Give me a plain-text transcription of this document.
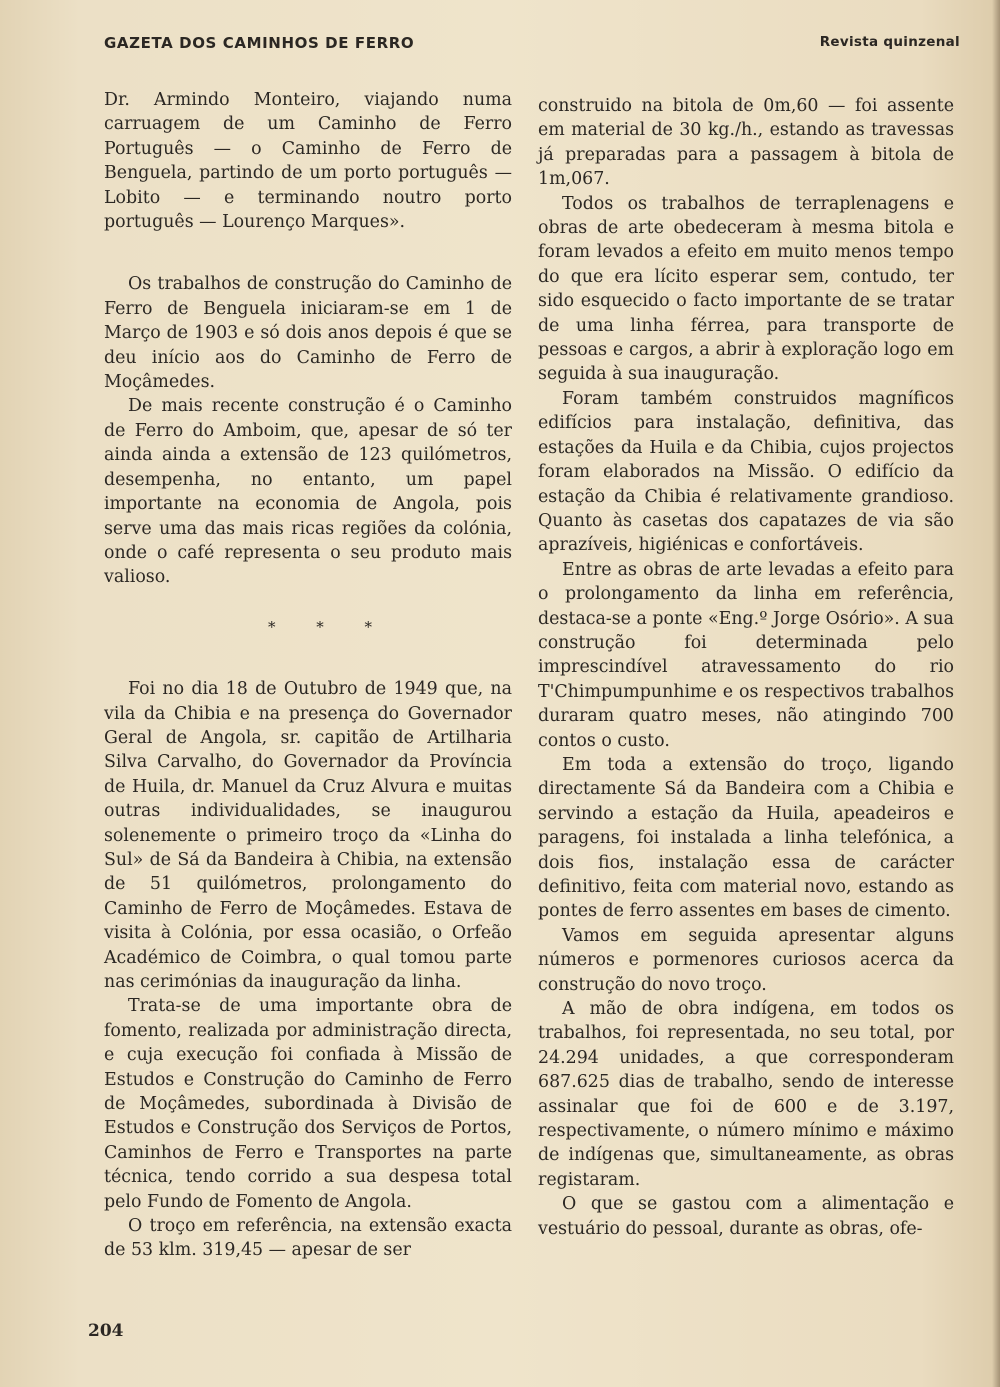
GAZETA DOS CAMINHOS DE FERRO	Revista quinzenal

Dr. Armindo Monteiro, viajando numa carruagem de um Caminho de Ferro Português — o Caminho de Ferro de Benguela, partindo de um porto português — Lobito — e terminando noutro porto português — Lourenço Marques».

Os trabalhos de construção do Caminho de Ferro de Benguela iniciaram-se em 1 de Março de 1903 e só dois anos depois é que se deu início aos do Caminho de Ferro de Moçâmedes.

De mais recente construção é o Caminho de Ferro do Amboim, que, apesar de só ter ainda ainda a extensão de 123 quilómetros, desempenha, no entanto, um papel importante na economia de Angola, pois serve uma das mais ricas regiões da colónia, onde o café representa o seu produto mais valioso.

* * *

Foi no dia 18 de Outubro de 1949 que, na vila da Chibia e na presença do Governador Geral de Angola, sr. capitão de Artilharia Silva Carvalho, do Governador da Província de Huila, dr. Manuel da Cruz Alvura e muitas outras individualidades, se inaugurou solenemente o primeiro troço da «Linha do Sul» de Sá da Bandeira à Chibia, na extensão de 51 quilómetros, prolongamento do Caminho de Ferro de Moçâmedes. Estava de visita à Colónia, por essa ocasião, o Orfeão Académico de Coimbra, o qual tomou parte nas cerimónias da inauguração da linha.

Trata-se de uma importante obra de fomento, realizada por administração directa, e cuja execução foi confiada à Missão de Estudos e Construção do Caminho de Ferro de Moçâmedes, subordinada à Divisão de Estudos e Construção dos Serviços de Portos, Caminhos de Ferro e Transportes na parte técnica, tendo corrido a sua despesa total pelo Fundo de Fomento de Angola.

O troço em referência, na extensão exacta de 53 klm. 319,45 — apesar de ser

construido na bitola de 0m,60 — foi assente em material de 30 kg./h., estando as travessas já preparadas para a passagem à bitola de 1m,067.

Todos os trabalhos de terraplenagens e obras de arte obedeceram à mesma bitola e foram levados a efeito em muito menos tempo do que era lícito esperar sem, contudo, ter sido esquecido o facto importante de se tratar de uma linha férrea, para transporte de pessoas e cargos, a abrir à exploração logo em seguida à sua inauguração.

Foram também construidos magníficos edifícios para instalação, definitiva, das estações da Huila e da Chibia, cujos projectos foram elaborados na Missão. O edifício da estação da Chibia é relativamente grandioso. Quanto às casetas dos capatazes de via são aprazíveis, higiénicas e confortáveis.

Entre as obras de arte levadas a efeito para o prolongamento da linha em referência, destaca-se a ponte «Eng.º Jorge Osório». A sua construção foi determinada pelo imprescindível atravessamento do rio T'Chimpumpunhime e os respectivos trabalhos duraram quatro meses, não atingindo 700 contos o custo.

Em toda a extensão do troço, ligando directamente Sá da Bandeira com a Chibia e servindo a estação da Huila, apeadeiros e paragens, foi instalada a linha telefónica, a dois fios, instalação essa de carácter definitivo, feita com material novo, estando as pontes de ferro assentes em bases de cimento.

Vamos em seguida apresentar alguns números e pormenores curiosos acerca da construção do novo troço.

A mão de obra indígena, em todos os trabalhos, foi representada, no seu total, por 24.294 unidades, a que corresponderam 687.625 dias de trabalho, sendo de interesse assinalar que foi de 600 e de 3.197, respectivamente, o número mínimo e máximo de indígenas que, simultaneamente, as obras registaram.

O que se gastou com a alimentação e vestuário do pessoal, durante as obras, ofe-

204
